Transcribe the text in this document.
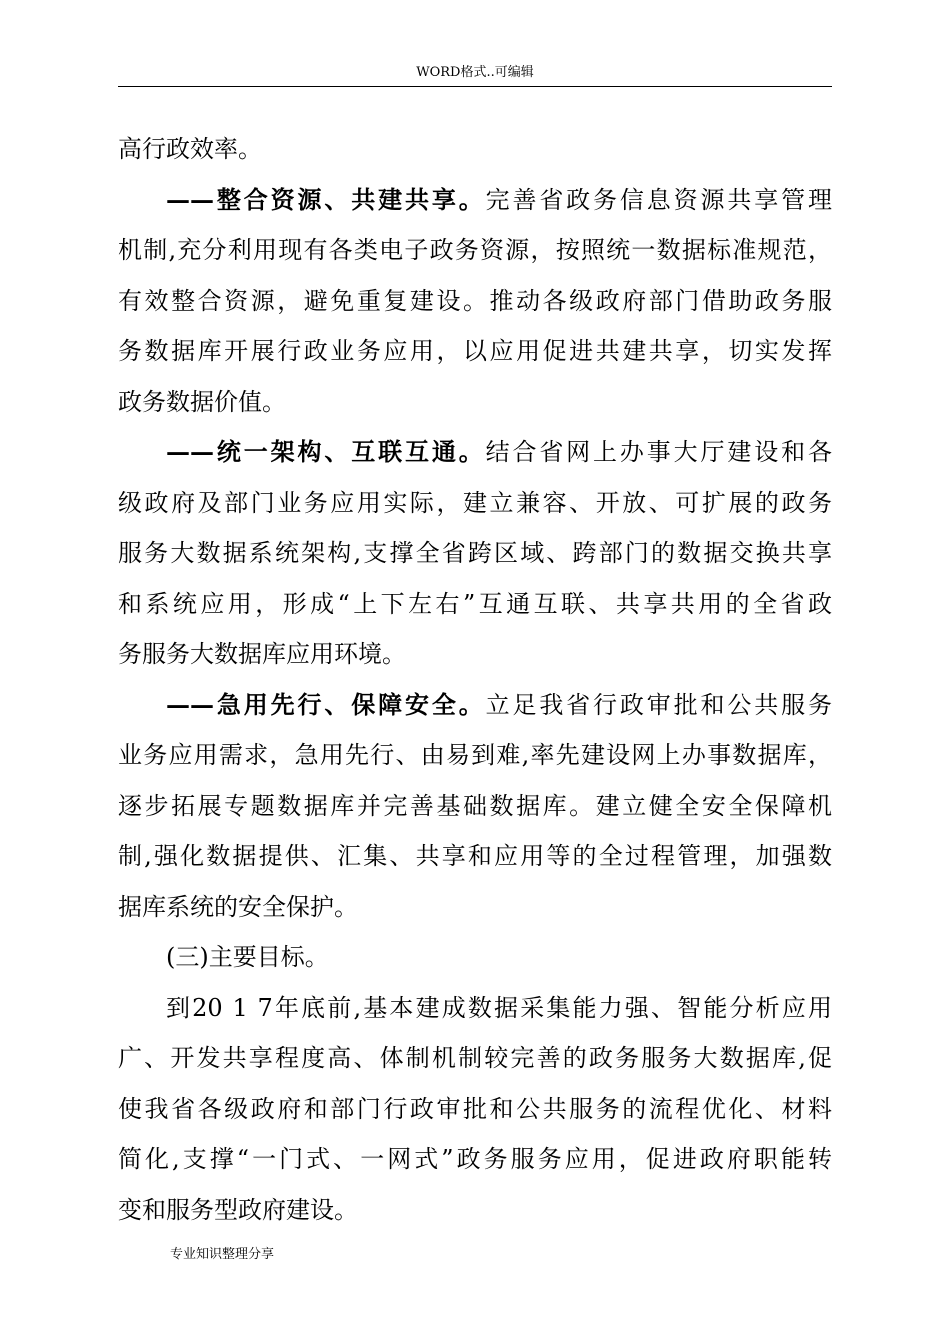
WORD格式..可编辑
高行政效率。
——整合资源、共建共享。完善省政务信息资源共享管理
机制,充分利用现有各类电子政务资源，按照统一数据标准规范，
有效整合资源，避免重复建设。推动各级政府部门借助政务服
务数据库开展行政业务应用，以应用促进共建共享，切实发挥
政务数据价值。
——统一架构、互联互通。结合省网上办事大厅建设和各
级政府及部门业务应用实际，建立兼容、开放、可扩展的政务
服务大数据系统架构,支撑全省跨区域、跨部门的数据交换共享
和系统应用，形成“上下左右”互通互联、共享共用的全省政
务服务大数据库应用环境。
——急用先行、保障安全。立足我省行政审批和公共服务
业务应用需求，急用先行、由易到难,率先建设网上办事数据库，
逐步拓展专题数据库并完善基础数据库。建立健全安全保障机
制,强化数据提供、汇集、共享和应用等的全过程管理，加强数
据库系统的安全保护。
(三)主要目标。
到20 1 7年底前,基本建成数据采集能力强、智能分析应用
广、开发共享程度高、体制机制较完善的政务服务大数据库,促
使我省各级政府和部门行政审批和公共服务的流程优化、材料
简化,支撑“一门式、一网式”政务服务应用，促进政府职能转
变和服务型政府建设。
专业知识整理分享
